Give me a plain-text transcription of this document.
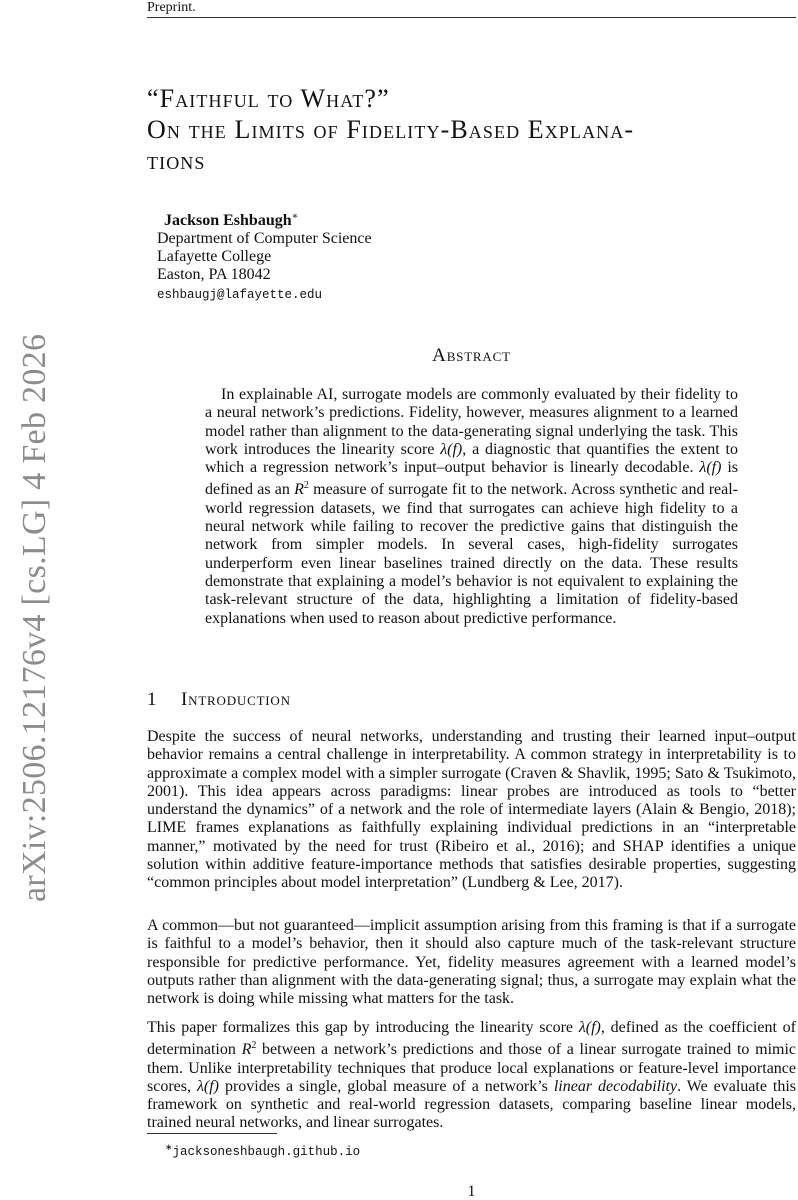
Preprint.
arXiv:2506.12176v4 [cs.LG] 4 Feb 2026
“Faithful to What?”
On the Limits of Fidelity-Based Explana-
tions
Jackson Eshbaugh∗
Department of Computer Science
Lafayette College
Easton, PA 18042
eshbaugj@lafayette.edu
Abstract
In explainable AI, surrogate models are commonly evaluated by their fidelity to a neural network’s predictions. Fidelity, however, measures alignment to a learned model rather than alignment to the data-generating signal underlying the task. This work introduces the linearity score λ(f), a diagnostic that quantifies the extent to which a regression network’s input–output behavior is linearly decodable. λ(f) is defined as an $R^2$ measure of surrogate fit to the network. Across synthetic and real-world regression datasets, we find that surrogates can achieve high fidelity to a neural network while failing to recover the predictive gains that distinguish the network from simpler models. In several cases, high-fidelity surrogates underperform even linear baselines trained directly on the data. These results demonstrate that explaining a model’s behavior is not equivalent to explaining the task-relevant structure of the data, highlighting a limitation of fidelity-based explanations when used to reason about predictive performance.
1 Introduction

Despite the success of neural networks, understanding and trusting their learned input–output behavior remains a central challenge in interpretability. A common strategy in interpretability is to approximate a complex model with a simpler surrogate (Craven & Shavlik, 1995; Sato & Tsukimoto, 2001). This idea appears across paradigms: linear probes are introduced as tools to “better understand the dynamics” of a network and the role of intermediate layers (Alain & Bengio, 2018); LIME frames explanations as faithfully explaining individual predictions in an “interpretable manner,” motivated by the need for trust (Ribeiro et al., 2016); and SHAP identifies a unique solution within additive feature-importance methods that satisfies desirable properties, suggesting “common principles about model interpretation” (Lundberg & Lee, 2017).

A common—but not guaranteed—implicit assumption arising from this framing is that if a surrogate is faithful to a model’s behavior, then it should also capture much of the task-relevant structure responsible for predictive performance. Yet, fidelity measures agreement with a learned model’s outputs rather than alignment with the data-generating signal; thus, a surrogate may explain what the network is doing while missing what matters for the task.

This paper formalizes this gap by introducing the linearity score λ(f), defined as the coefficient of determination $R^2$ between a network’s predictions and those of a linear surrogate trained to mimic them. Unlike interpretability techniques that produce local explanations or feature-level importance scores, λ(f) provides a single, global measure of a network’s linear decodability. We evaluate this framework on synthetic and real-world regression datasets, comparing baseline linear models, trained neural networks, and linear surrogates.

∗jacksoneshbaugh.github.io
1
